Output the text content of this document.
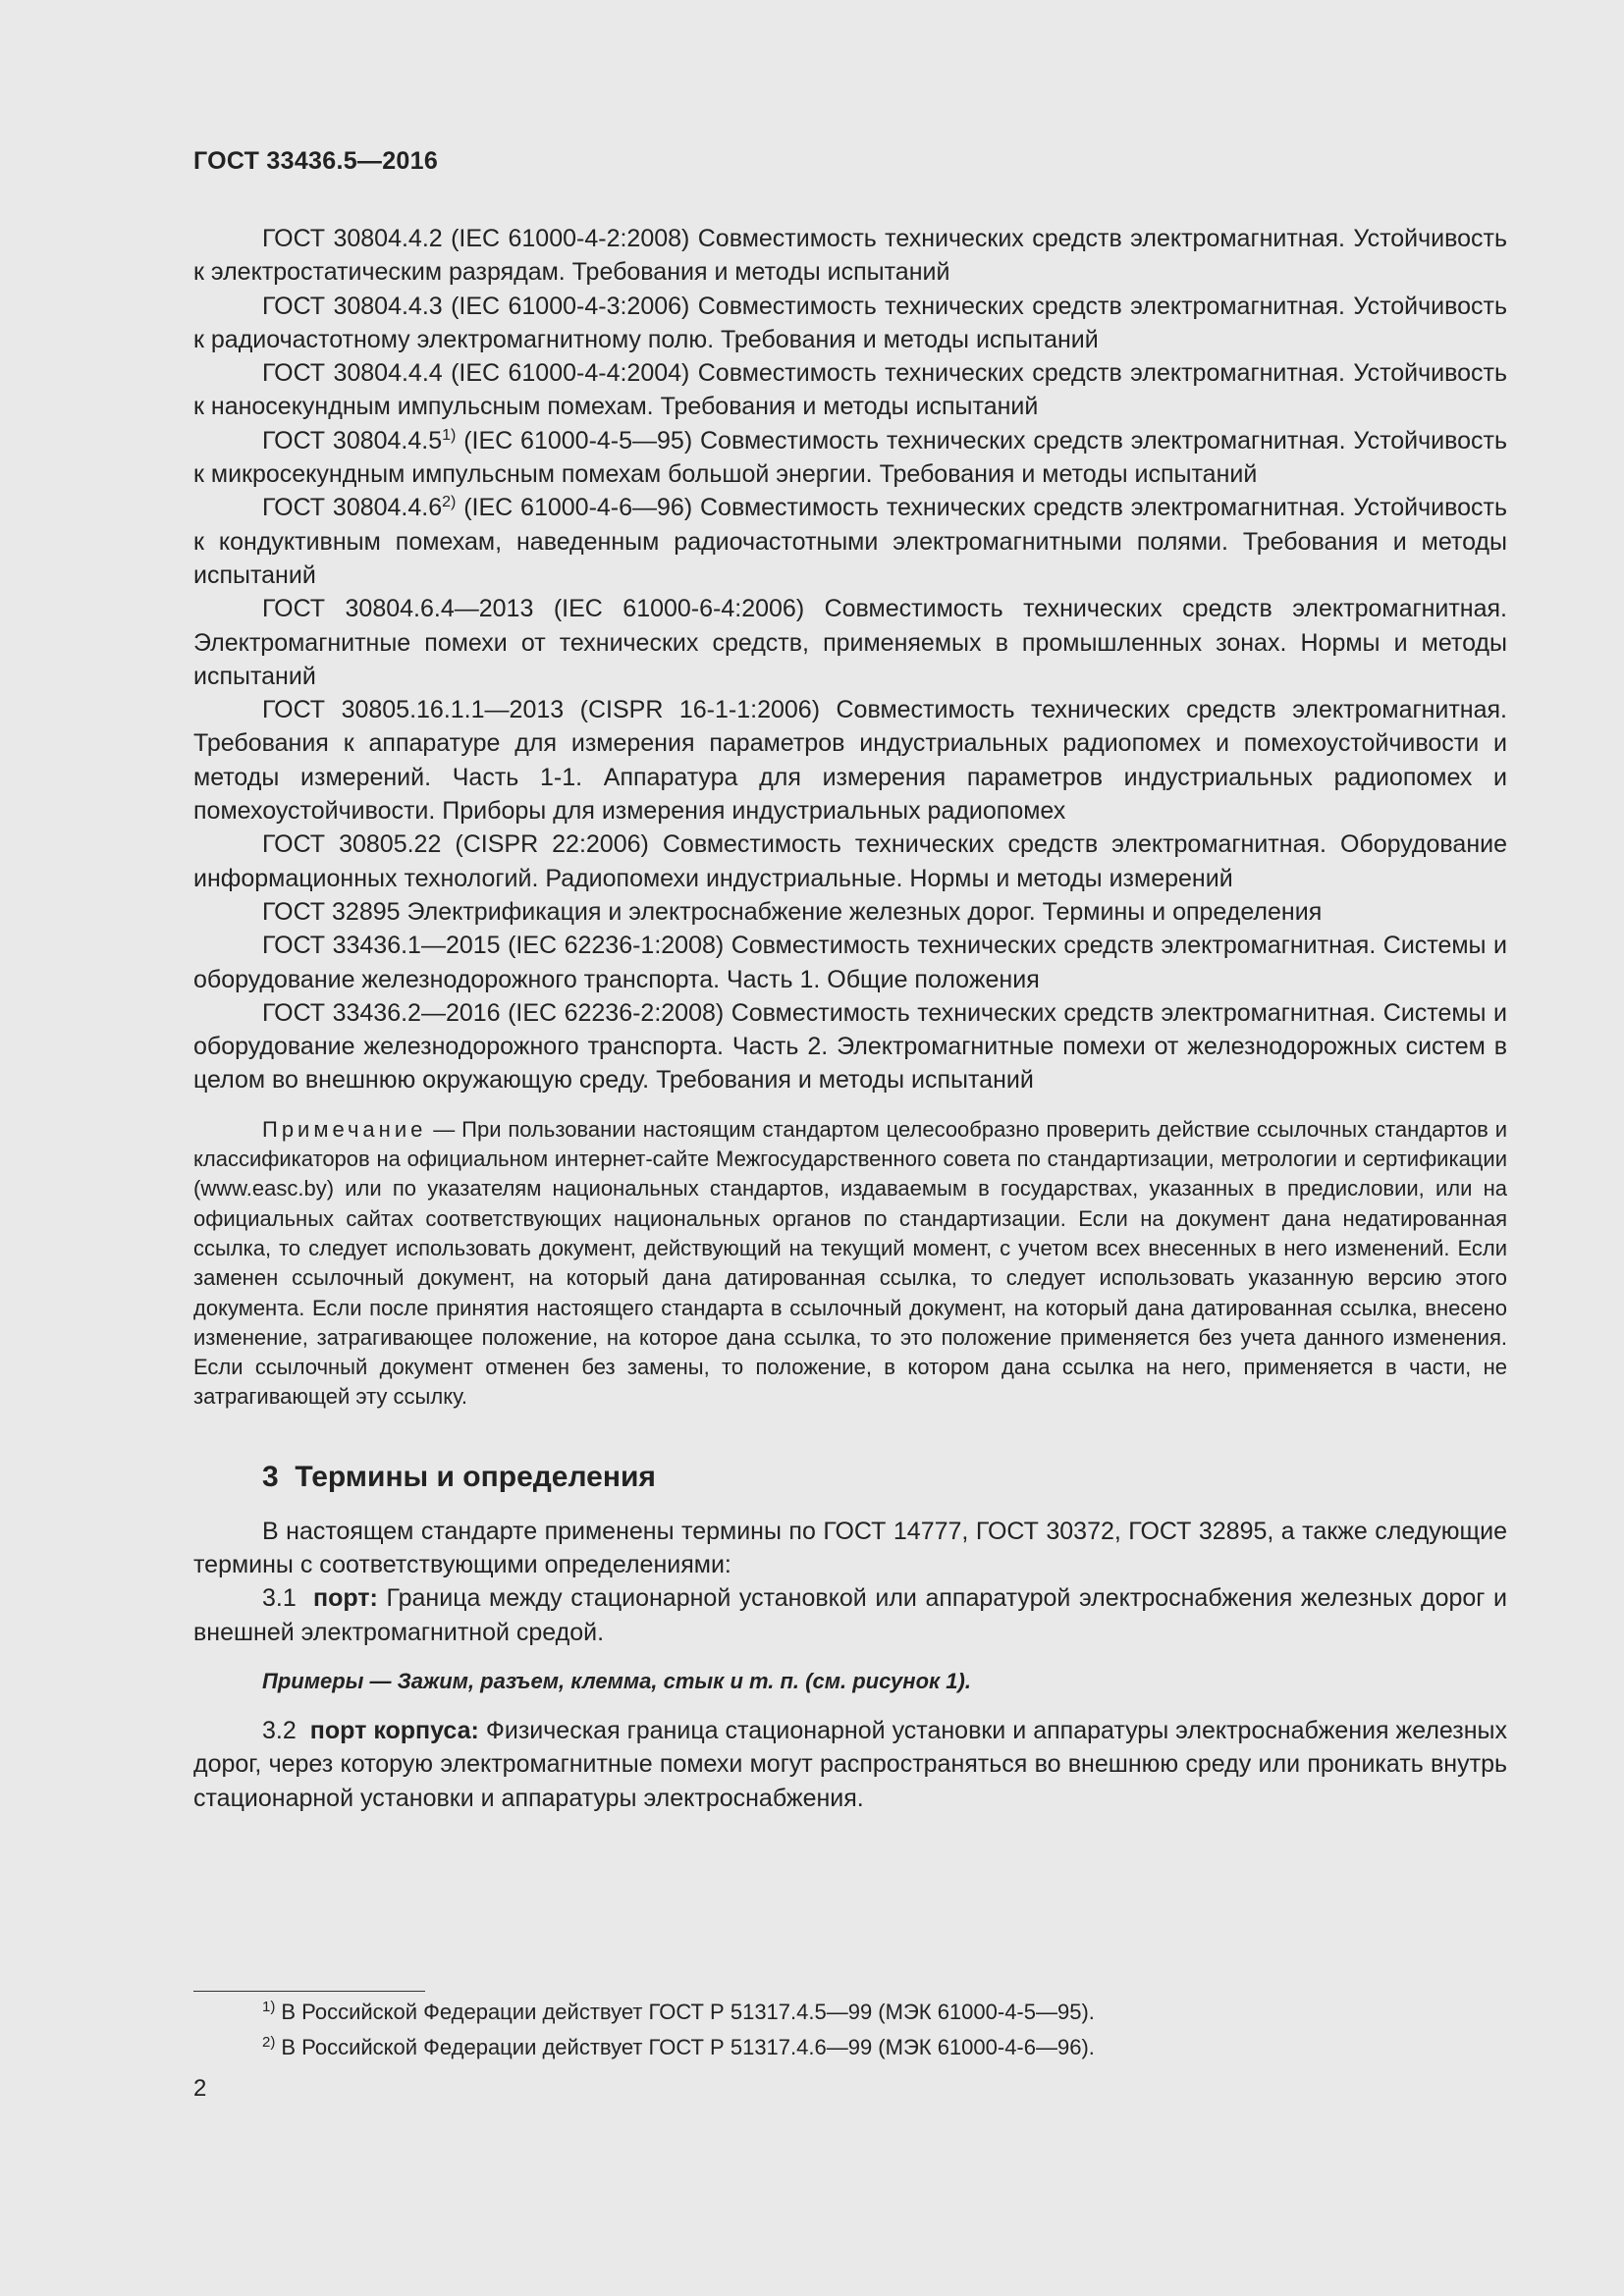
ГОСТ 33436.5—2016

ГОСТ 30804.4.2 (IEC 61000-4-2:2008) Совместимость технических средств электромагнитная. Устойчивость к электростатическим разрядам. Требования и методы испытаний

ГОСТ 30804.4.3 (IEC 61000-4-3:2006) Совместимость технических средств электромагнитная. Устойчивость к радиочастотному электромагнитному полю. Требования и методы испытаний

ГОСТ 30804.4.4 (IEC 61000-4-4:2004) Совместимость технических средств электромагнитная. Устойчивость к наносекундным импульсным помехам. Требования и методы испытаний

ГОСТ 30804.4.5$^{1)}$ (IEC 61000-4-5—95) Совместимость технических средств электромагнитная. Устойчивость к микросекундным импульсным помехам большой энергии. Требования и методы испытаний

ГОСТ 30804.4.6$^{2)}$ (IEC 61000-4-6—96) Совместимость технических средств электромагнитная. Устойчивость к кондуктивным помехам, наведенным радиочастотными электромагнитными полями. Требования и методы испытаний

ГОСТ 30804.6.4—2013 (IEC 61000-6-4:2006) Совместимость технических средств электромагнитная. Электромагнитные помехи от технических средств, применяемых в промышленных зонах. Нормы и методы испытаний

ГОСТ 30805.16.1.1—2013 (CISPR 16-1-1:2006) Совместимость технических средств электромагнитная. Требования к аппаратуре для измерения параметров индустриальных радиопомех и помехоустойчивости и методы измерений. Часть 1-1. Аппаратура для измерения параметров индустриальных радиопомех и помехоустойчивости. Приборы для измерения индустриальных радиопомех

ГОСТ 30805.22 (CISPR 22:2006) Совместимость технических средств электромагнитная. Оборудование информационных технологий. Радиопомехи индустриальные. Нормы и методы измерений

ГОСТ 32895 Электрификация и электроснабжение железных дорог. Термины и определения

ГОСТ 33436.1—2015 (IEC 62236-1:2008) Совместимость технических средств электромагнитная. Системы и оборудование железнодорожного транспорта. Часть 1. Общие положения

ГОСТ 33436.2—2016 (IEC 62236-2:2008) Совместимость технических средств электромагнитная. Системы и оборудование железнодорожного транспорта. Часть 2. Электромагнитные помехи от железнодорожных систем в целом во внешнюю окружающую среду. Требования и методы испытаний

Примечание — При пользовании настоящим стандартом целесообразно проверить действие ссылочных стандартов и классификаторов на официальном интернет-сайте Межгосударственного совета по стандартизации, метрологии и сертификации (www.easc.by) или по указателям национальных стандартов, издаваемым в государствах, указанных в предисловии, или на официальных сайтах соответствующих национальных органов по стандартизации. Если на документ дана недатированная ссылка, то следует использовать документ, действующий на текущий момент, с учетом всех внесенных в него изменений. Если заменен ссылочный документ, на который дана датированная ссылка, то следует использовать указанную версию этого документа. Если после принятия настоящего стандарта в ссылочный документ, на который дана датированная ссылка, внесено изменение, затрагивающее положение, на которое дана ссылка, то это положение применяется без учета данного изменения. Если ссылочный документ отменен без замены, то положение, в котором дана ссылка на него, применяется в части, не затрагивающей эту ссылку.

3 Термины и определения

В настоящем стандарте применены термины по ГОСТ 14777, ГОСТ 30372, ГОСТ 32895, а также следующие термины с соответствующими определениями:

3.1 порт: Граница между стационарной установкой или аппаратурой электроснабжения железных дорог и внешней электромагнитной средой.

Примеры — Зажим, разъем, клемма, стык и т. п. (см. рисунок 1).

3.2 порт корпуса: Физическая граница стационарной установки и аппаратуры электроснабжения железных дорог, через которую электромагнитные помехи могут распространяться во внешнюю среду или проникать внутрь стационарной установки и аппаратуры электроснабжения.

$^{1)}$ В Российской Федерации действует ГОСТ Р 51317.4.5—99 (МЭК 61000-4-5—95).
$^{2)}$ В Российской Федерации действует ГОСТ Р 51317.4.6—99 (МЭК 61000-4-6—96).
2
